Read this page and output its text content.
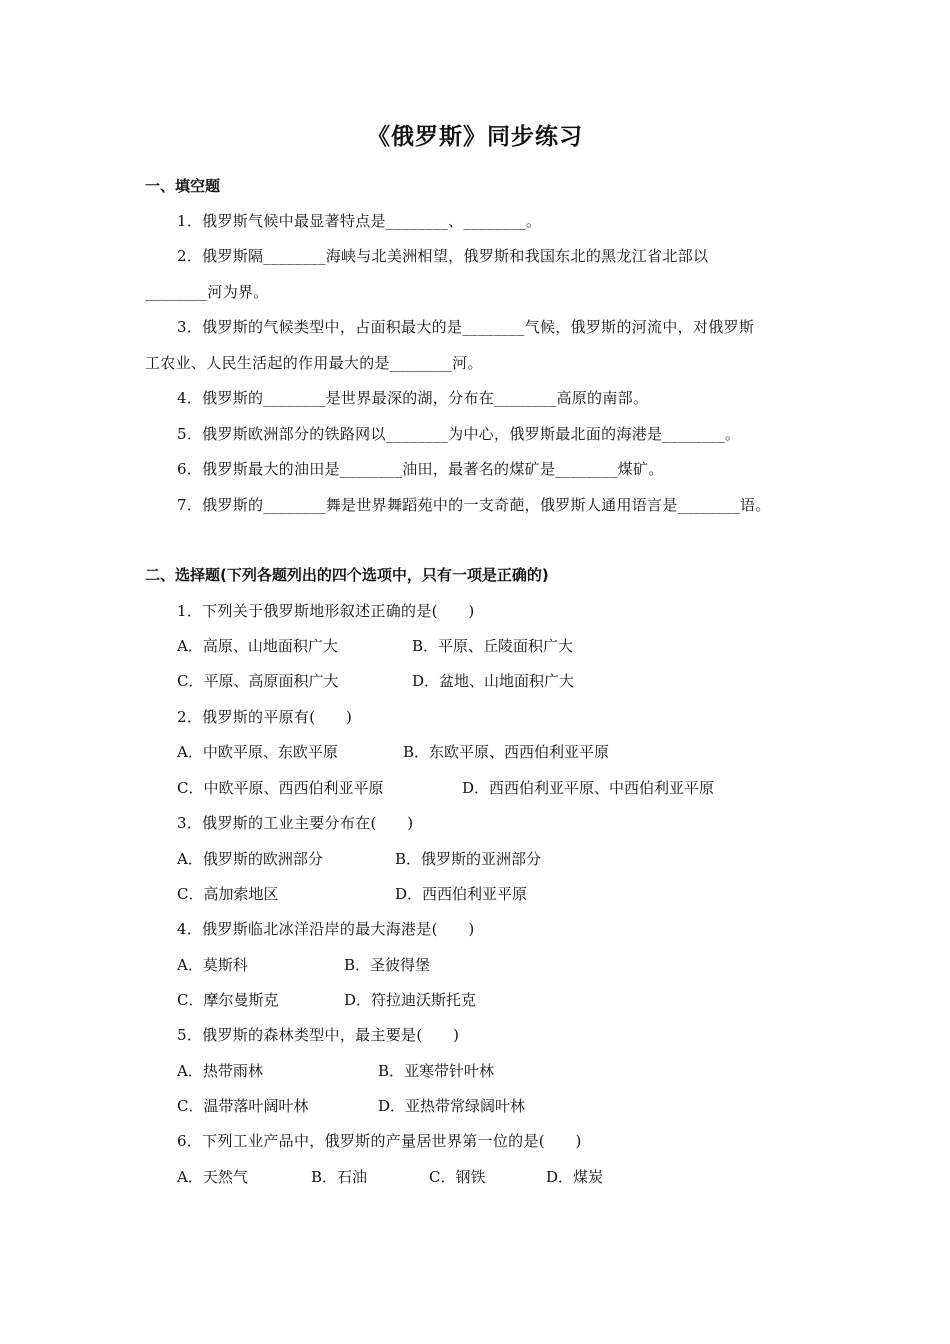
《俄罗斯》同步练习
一、填空题
1．俄罗斯气候中最显著特点是________、________。
2．俄罗斯隔________海峡与北美洲相望，俄罗斯和我国东北的黑龙江省北部以
________河为界。
3．俄罗斯的气候类型中，占面积最大的是________气候，俄罗斯的河流中，对俄罗斯
工农业、人民生活起的作用最大的是________河。
4．俄罗斯的________是世界最深的湖，分布在________高原的南部。
5．俄罗斯欧洲部分的铁路网以________为中心，俄罗斯最北面的海港是________。
6．俄罗斯最大的油田是________油田，最著名的煤矿是________煤矿。
7．俄罗斯的________舞是世界舞蹈苑中的一支奇葩，俄罗斯人通用语言是________语。
二、选择题(下列各题列出的四个选项中，只有一项是正确的)
1．下列关于俄罗斯地形叙述正确的是(　　)
A．高原、山地面积广大	B．平原、丘陵面积广大
C．平原、高原面积广大	D．盆地、山地面积广大
2．俄罗斯的平原有(　　)
A．中欧平原、东欧平原	B．东欧平原、西西伯利亚平原
C．中欧平原、西西伯利亚平原	D．西西伯利亚平原、中西伯利亚平原
3．俄罗斯的工业主要分布在(　　)
A．俄罗斯的欧洲部分	B．俄罗斯的亚洲部分
C．高加索地区	D．西西伯利亚平原
4．俄罗斯临北冰洋沿岸的最大海港是(　　)
A．莫斯科	B．圣彼得堡
C．摩尔曼斯克	D．符拉迪沃斯托克
5．俄罗斯的森林类型中，最主要是(　　)
A．热带雨林	B．亚寒带针叶林
C．温带落叶阔叶林	D．亚热带常绿阔叶林
6．下列工业产品中，俄罗斯的产量居世界第一位的是(　　)
A．天然气	B．石油	C．钢铁	D．煤炭
